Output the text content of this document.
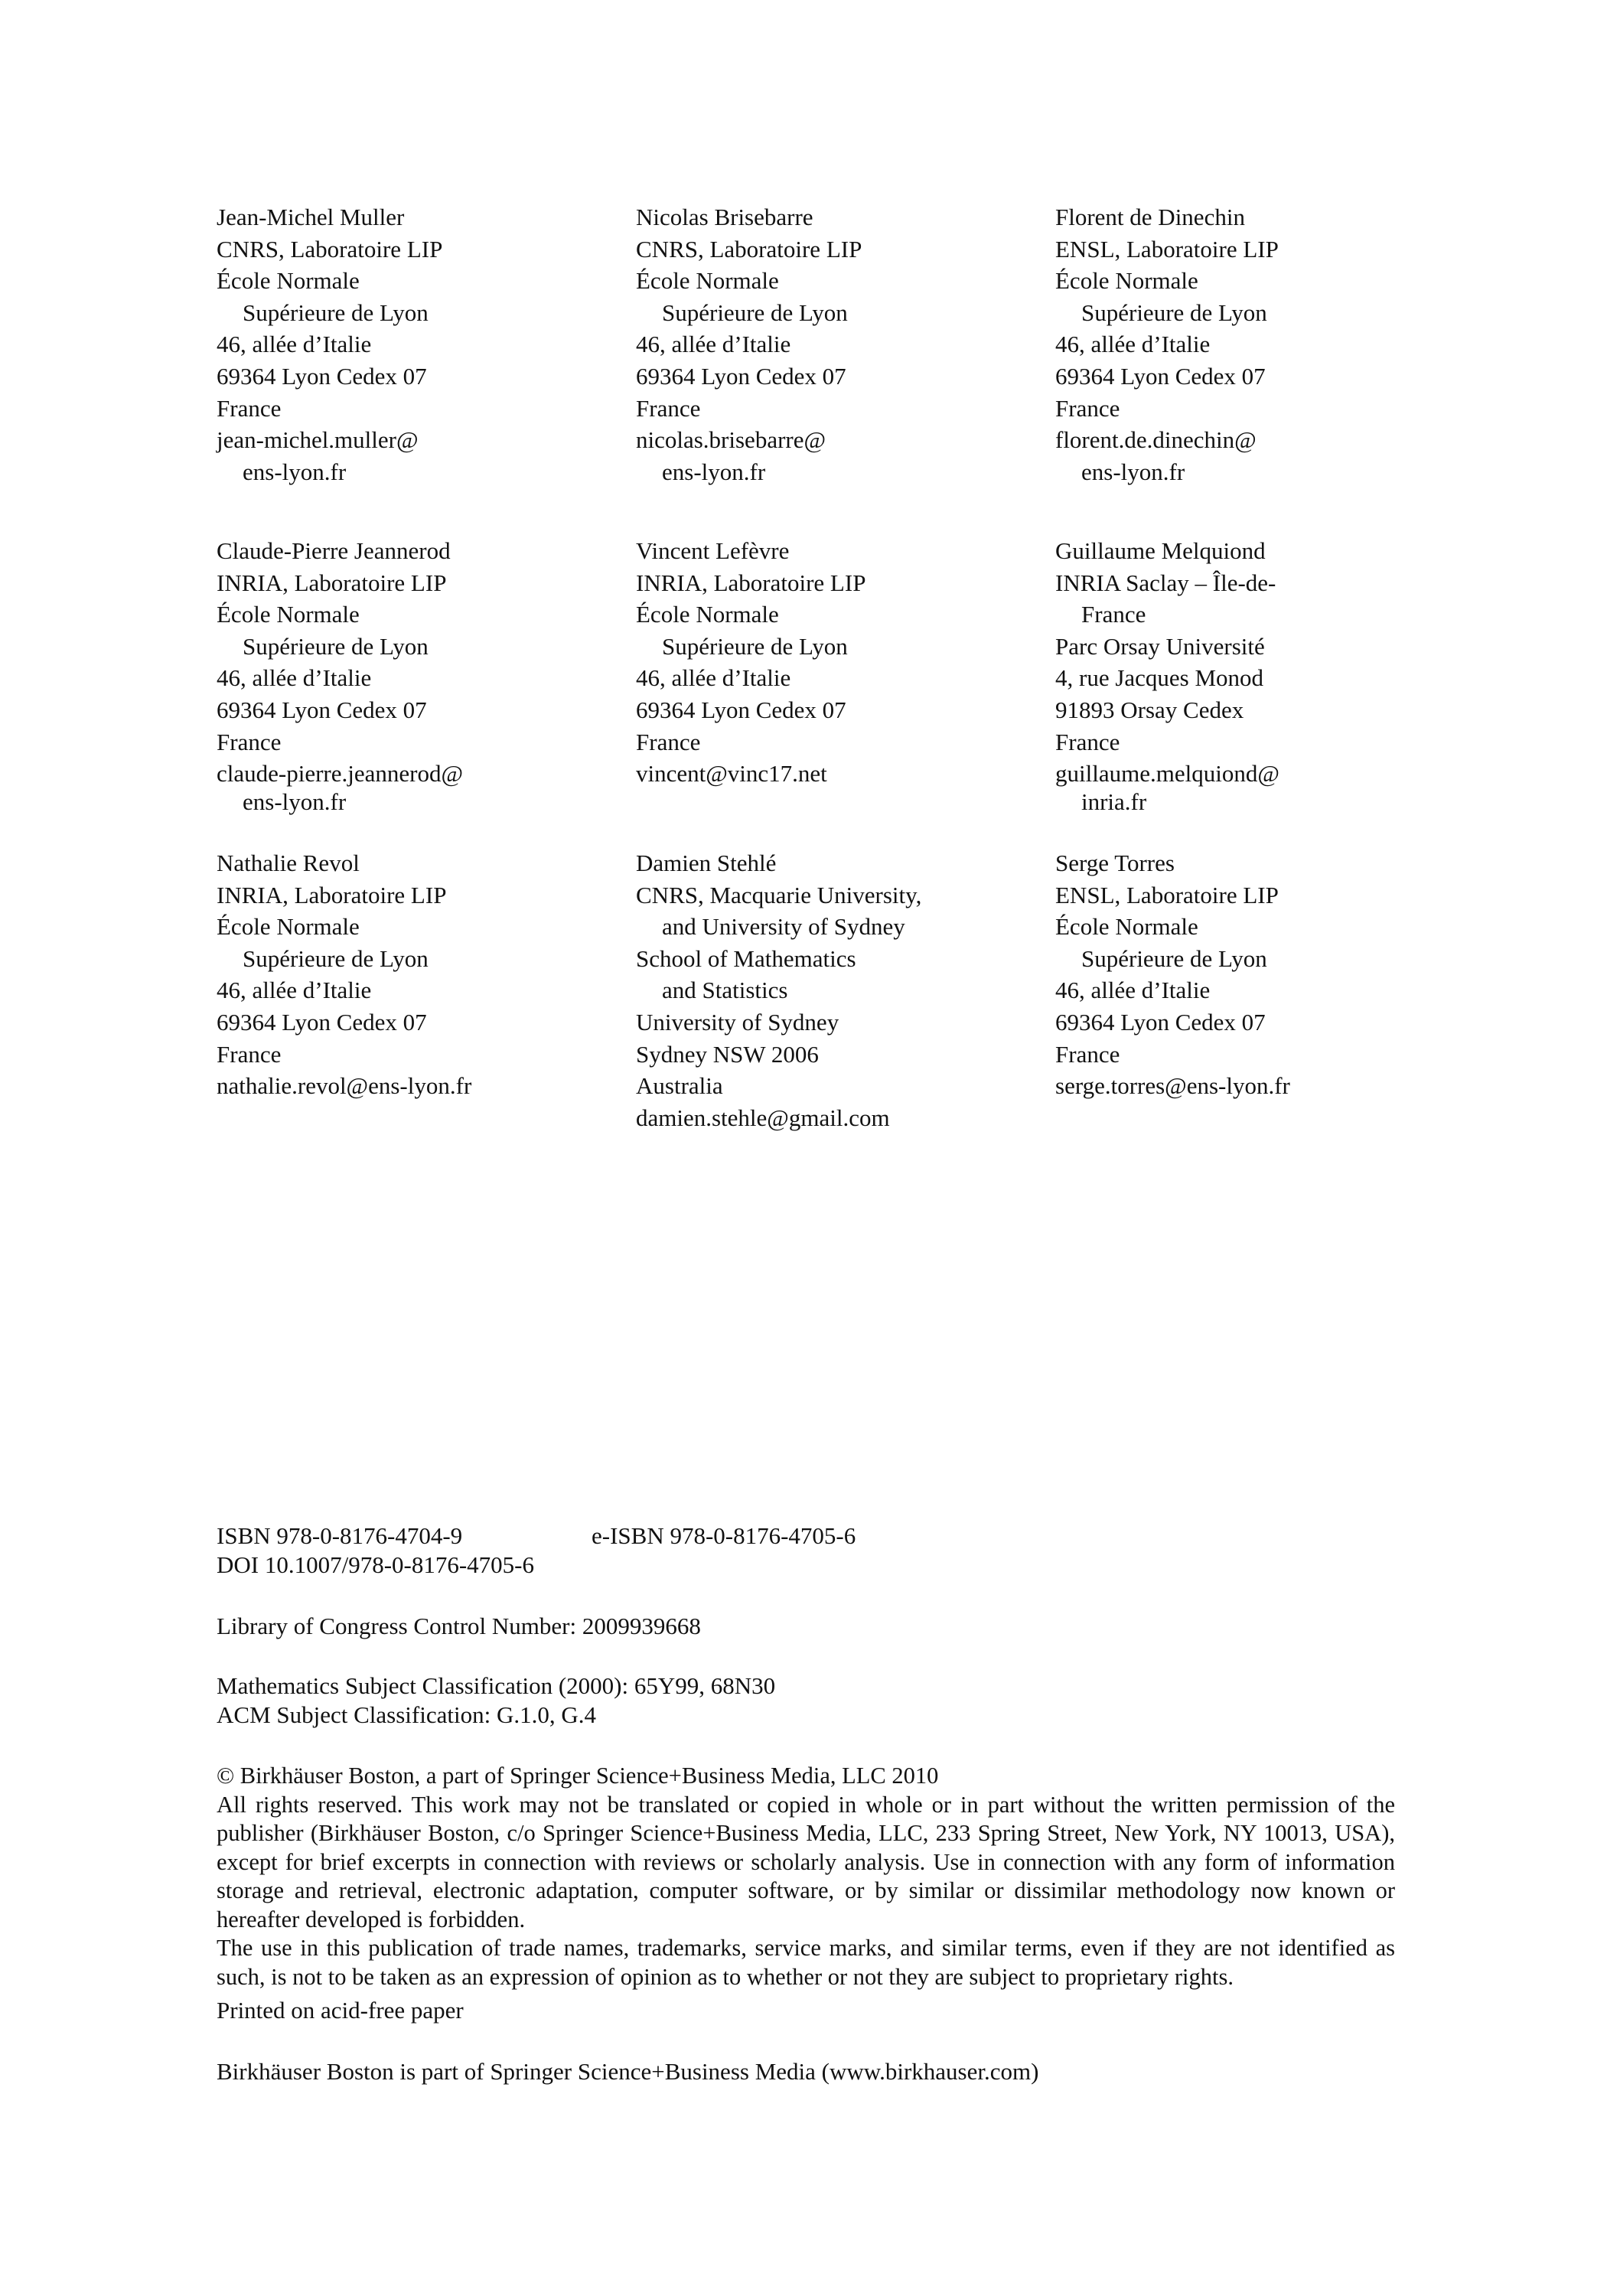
Jean-Michel Muller
CNRS, Laboratoire LIP
École Normale
Supérieure de Lyon
46, allée d’Italie
69364 Lyon Cedex 07
France
jean-michel.muller@
ens-lyon.fr
Nicolas Brisebarre
CNRS, Laboratoire LIP
École Normale
Supérieure de Lyon
46, allée d’Italie
69364 Lyon Cedex 07
France
nicolas.brisebarre@
ens-lyon.fr
Florent de Dinechin
ENSL, Laboratoire LIP
École Normale
Supérieure de Lyon
46, allée d’Italie
69364 Lyon Cedex 07
France
florent.de.dinechin@
ens-lyon.fr
Claude-Pierre Jeannerod
INRIA, Laboratoire LIP
École Normale
Supérieure de Lyon
46, allée d’Italie
69364 Lyon Cedex 07
France
claude-pierre.jeannerod@
ens-lyon.fr
Vincent Lefèvre
INRIA, Laboratoire LIP
École Normale
Supérieure de Lyon
46, allée d’Italie
69364 Lyon Cedex 07
France
vincent@vinc17.net
Guillaume Melquiond
INRIA Saclay – Île-de-
France
Parc Orsay Université
4, rue Jacques Monod
91893 Orsay Cedex
France
guillaume.melquiond@
inria.fr
Nathalie Revol
INRIA, Laboratoire LIP
École Normale
Supérieure de Lyon
46, allée d’Italie
69364 Lyon Cedex 07
France
nathalie.revol@ens-lyon.fr
Damien Stehlé
CNRS, Macquarie University,
and University of Sydney
School of Mathematics
and Statistics
University of Sydney
Sydney NSW 2006
Australia
damien.stehle@gmail.com
Serge Torres
ENSL, Laboratoire LIP
École Normale
Supérieure de Lyon
46, allée d’Italie
69364 Lyon Cedex 07
France
serge.torres@ens-lyon.fr
ISBN 978-0-8176-4704-9	e-ISBN 978-0-8176-4705-6
DOI 10.1007/978-0-8176-4705-6
Library of Congress Control Number: 2009939668
Mathematics Subject Classification (2000): 65Y99, 68N30
ACM Subject Classification: G.1.0, G.4

© Birkhäuser Boston, a part of Springer Science+Business Media, LLC 2010

All rights reserved. This work may not be translated or copied in whole or in part without the written permission of the publisher (Birkhäuser Boston, c/o Springer Science+Business Media, LLC, 233 Spring Street, New York, NY 10013, USA), except for brief excerpts in connection with reviews or scholarly analysis. Use in connection with any form of information storage and retrieval, electronic adaptation, computer software, or by similar or dissimilar methodology now known or hereafter developed is forbidden.

The use in this publication of trade names, trademarks, service marks, and similar terms, even if they are not identified as such, is not to be taken as an expression of opinion as to whether or not they are subject to proprietary rights.

Printed on acid-free paper
Birkhäuser Boston is part of Springer Science+Business Media (www.birkhauser.com)
